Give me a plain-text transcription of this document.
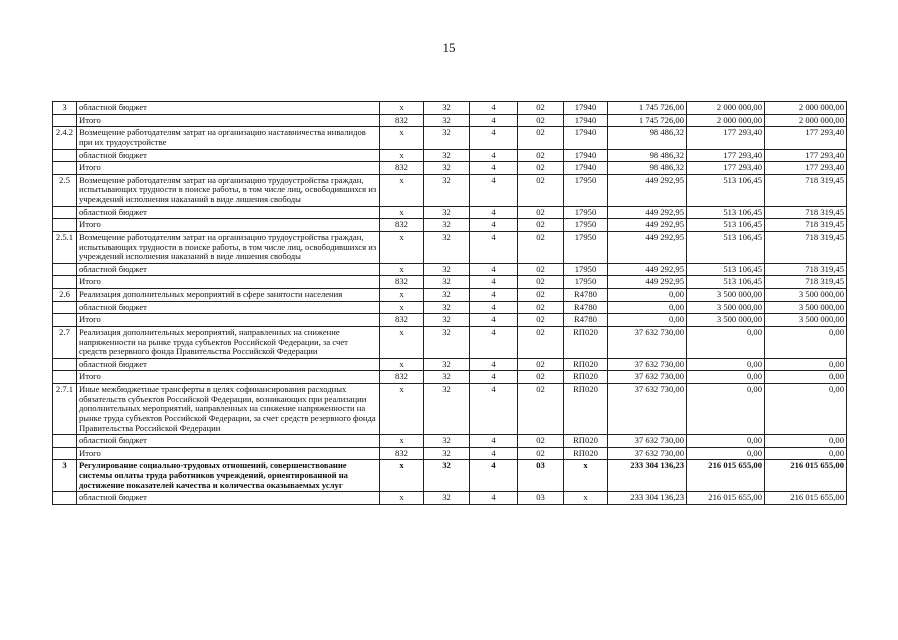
15
3	областной бюджет	х	32	4	02	17940	1 745 726,00	2 000 000,00	2 000 000,00
	Итого	832	32	4	02	17940	1 745 726,00	2 000 000,00	2 000 000,00
2.4.2	Возмещение работодателям затрат на организацию наставничества инвалидов при их трудоустройстве	х	32	4	02	17940	98 486,32	177 293,40	177 293,40
	областной бюджет	х	32	4	02	17940	98 486,32	177 293,40	177 293,40
	Итого	832	32	4	02	17940	98 486,32	177 293,40	177 293,40
2.5	Возмещение работодателям затрат на организацию трудоустройства граждан, испытывающих трудности в поиске работы, в том числе лиц, освободившихся из учреждений исполнения наказаний в виде лишения свободы	х	32	4	02	17950	449 292,95	513 106,45	718 319,45
	областной бюджет	х	32	4	02	17950	449 292,95	513 106,45	718 319,45
	Итого	832	32	4	02	17950	449 292,95	513 106,45	718 319,45
2.5.1	Возмещение работодателям затрат на организацию трудоустройства граждан, испытывающих трудности в поиске работы, в том числе лиц, освободившихся из учреждений исполнения наказаний в виде лишения свободы	х	32	4	02	17950	449 292,95	513 106,45	718 319,45
	областной бюджет	х	32	4	02	17950	449 292,95	513 106,45	718 319,45
	Итого	832	32	4	02	17950	449 292,95	513 106,45	718 319,45
2.6	Реализация дополнительных мероприятий в сфере занятости населения	х	32	4	02	R4780	0,00	3 500 000,00	3 500 000,00
	областной бюджет	х	32	4	02	R4780	0,00	3 500 000,00	3 500 000,00
	Итого	832	32	4	02	R4780	0,00	3 500 000,00	3 500 000,00
2.7	Реализация дополнительных мероприятий, направленных на снижение напряженности на рынке труда субъектов Российской Федерации, за счет средств резервного фонда Правительства Российской Федерации	х	32	4	02	RП020	37 632 730,00	0,00	0,00
	областной бюджет	х	32	4	02	RП020	37 632 730,00	0,00	0,00
	Итого	832	32	4	02	RП020	37 632 730,00	0,00	0,00
2.7.1	Иные межбюджетные трансферты в целях софинансирования расходных обязательств субъектов Российской Федерации, возникающих при реализации дополнительных мероприятий, направленных на снижение напряженности на рынке труда субъектов Российской Федерации, за счет средств резервного фонда Правительства Российской Федерации	х	32	4	02	RП020	37 632 730,00	0,00	0,00
	областной бюджет	х	32	4	02	RП020	37 632 730,00	0,00	0,00
	Итого	832	32	4	02	RП020	37 632 730,00	0,00	0,00
3	Регулирование социально-трудовых отношений, совершенствование системы оплаты труда работников учреждений, ориентированной на достижение показателей качества и количества оказываемых услуг	х	32	4	03	х	233 304 136,23	216 015 655,00	216 015 655,00
	областной бюджет	х	32	4	03	х	233 304 136,23	216 015 655,00	216 015 655,00
